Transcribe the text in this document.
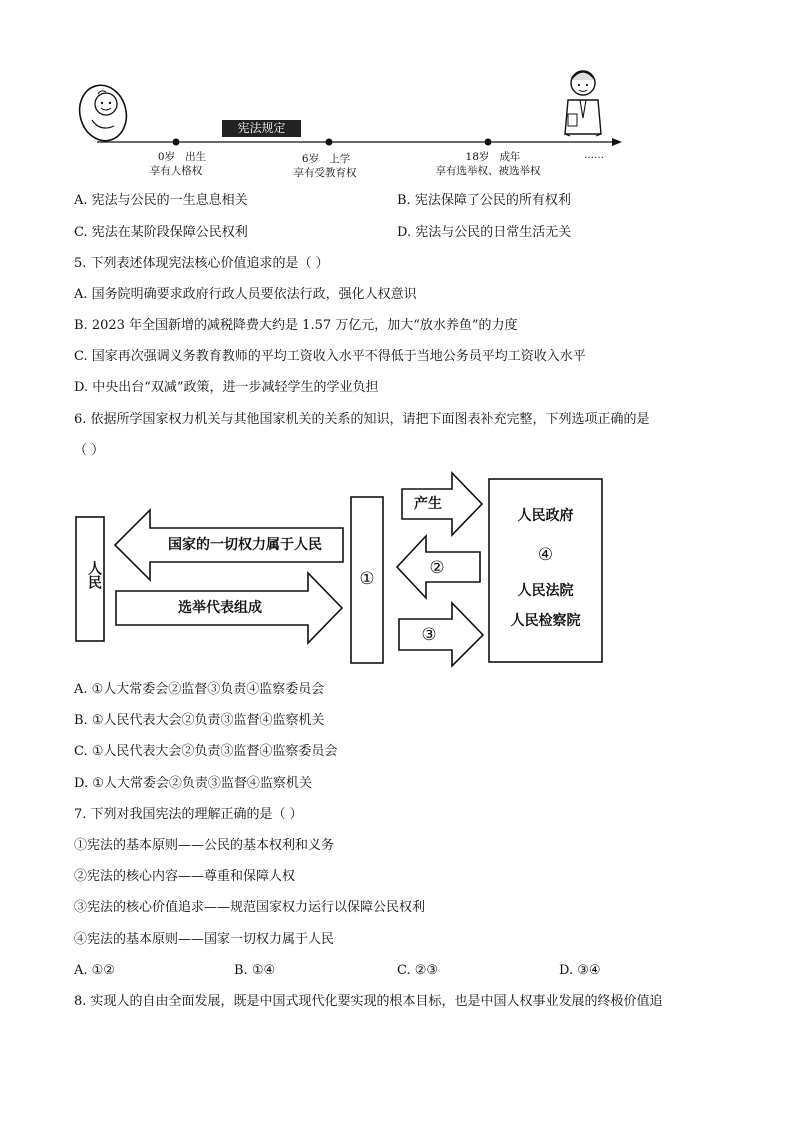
宪法规定
0岁 出生
享有人格权
6岁 上学
享有受教育权
18岁 成年
享有选举权、被选举权
......
A. 宪法与公民的一生息息相关	B. 宪法保障了公民的所有权利
C. 宪法在某阶段保障公民权利	D. 宪法与公民的日常生活无关
5. 下列表述体现宪法核心价值追求的是（ ）
A. 国务院明确要求政府行政人员要依法行政，强化人权意识
B. 2023 年全国新增的减税降费大约是 1.57 万亿元，加大“放水养鱼”的力度
C. 国家再次强调义务教育教师的平均工资收入水平不得低于当地公务员平均工资收入水平
D. 中央出台“双减”政策，进一步减轻学生的学业负担
6. 依据所学国家权力机关与其他国家机关的关系的知识，请把下面图表补充完整，下列选项正确的是
（ ）
人民
国家的一切权力属于人民
选举代表组成
①
产生
②
③
人民政府
④
人民法院
人民检察院
A. ①人大常委会②监督③负责④监察委员会
B. ①人民代表大会②负责③监督④监察机关
C. ①人民代表大会②负责③监督④监察委员会
D. ①人大常委会②负责③监督④监察机关
7. 下列对我国宪法的理解正确的是（ ）
①宪法的基本原则——公民的基本权利和义务
②宪法的核心内容——尊重和保障人权
③宪法的核心价值追求——规范国家权力运行以保障公民权利
④宪法的基本原则——国家一切权力属于人民
A. ①②	B. ①④	C. ②③	D. ③④
8. 实现人的自由全面发展，既是中国式现代化要实现的根本目标，也是中国人权事业发展的终极价值追
